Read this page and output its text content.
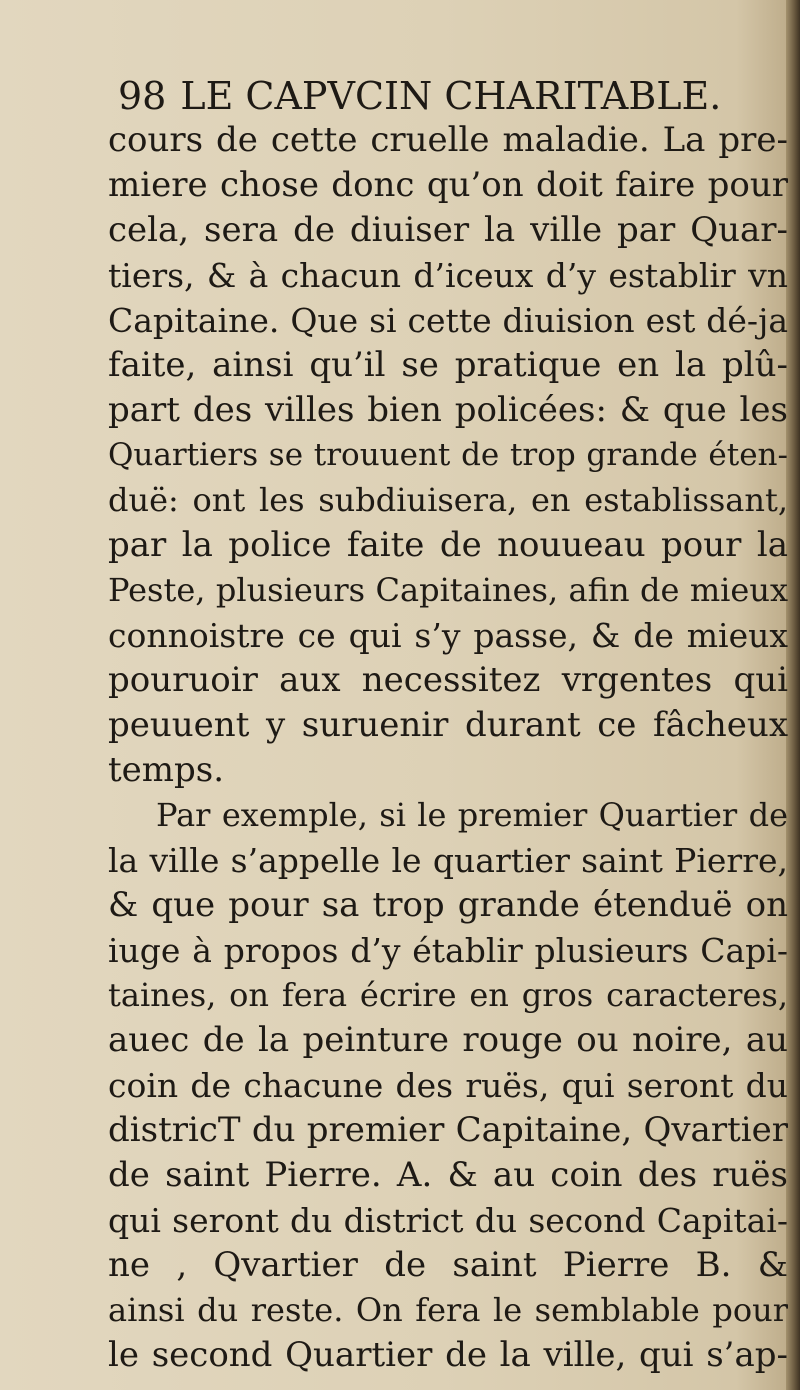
98 LE CAPVCIN CHARITABLE.
cours de cette cruelle maladie. La pre-
miere chose donc qu’on doit faire pour
cela, sera de diuiser la ville par Quar-
tiers, & à chacun d’iceux d’y establir vn
Capitaine. Que si cette diuision est dé-ja
faite, ainsi qu’il se pratique en la plû-
part des villes bien policées: & que les
Quartiers se trouuent de trop grande éten-
duë: ont les subdiuisera, en establissant,
par la police faite de nouueau pour la
Peste, plusieurs Capitaines, afin de mieux
connoistre ce qui s’y passe, & de mieux
pouruoir aux necessitez vrgentes qui
peuuent y suruenir durant ce fâcheux
temps.
Par exemple, si le premier Quartier de
la ville s’appelle le quartier saint Pierre,
& que pour sa trop grande étenduë on
iuge à propos d’y établir plusieurs Capi-
taines, on fera écrire en gros caracteres,
auec de la peinture rouge ou noire, au
coin de chacune des ruës, qui seront du
districT du premier Capitaine, Qvartier
de saint Pierre. A. & au coin des ruës
qui seront du district du second Capitai-
ne , Qvartier de saint Pierre B. &
ainsi du reste. On fera le semblable pour
le second Quartier de la ville, qui s’ap-
